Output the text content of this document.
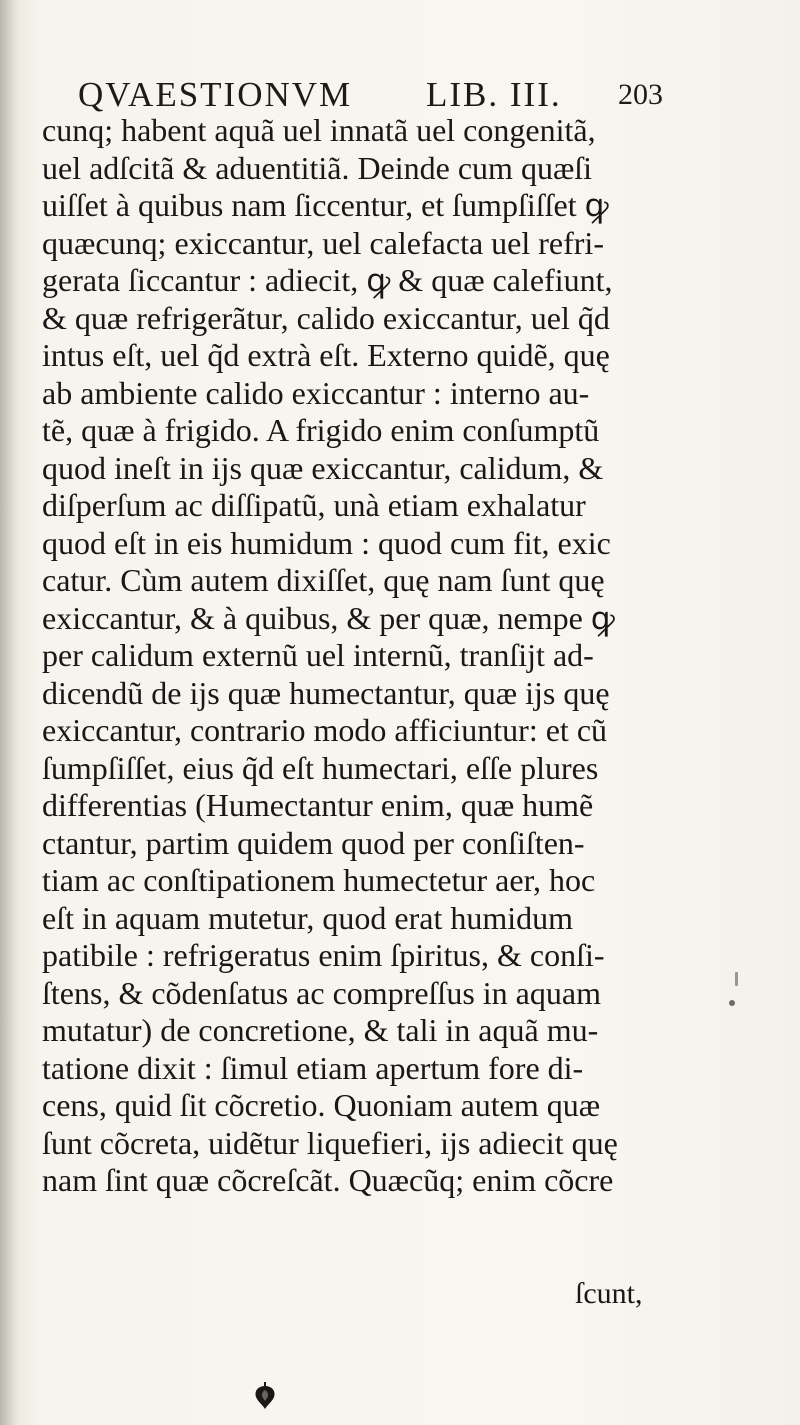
QVAESTIONVM LIB. III. 203
cunq; habent aquã uel innatã uel congenitã,
uel adſcitã & aduentitiã. Deinde cum quæſi
uiſſet à quibus nam ſiccentur, et ſumpſiſſet ꝙ
quæcunq; exiccantur, uel calefacta uel refri-
gerata ſiccantur : adiecit, ꝙ & quæ calefiunt,
& quæ refrigerãtur, calido exiccantur, uel q̃d
intus eſt, uel q̃d extrà eſt. Externo quidẽ, quę
ab ambiente calido exiccantur : interno au-
tẽ, quæ à frigido. A frigido enim conſumptũ
quod ineſt in ijs quæ exiccantur, calidum, &
diſperſum ac diſſipatũ, unà etiam exhalatur
quod eſt in eis humidum : quod cum fit, exic
catur. Cùm autem dixiſſet, quę nam ſunt quę
exiccantur, & à quibus, & per quæ, nempe ꝙ
per calidum externũ uel internũ, tranſijt ad-
dicendũ de ijs quæ humectantur, quæ ijs quę
exiccantur, contrario modo afficiuntur: et cũ
ſumpſiſſet, eius q̃d eſt humectari, eſſe plures
differentias (Humectantur enim, quæ humẽ
ctantur, partim quidem quod per conſiſten-
tiam ac conſtipationem humectetur aer, hoc
eſt in aquam mutetur, quod erat humidum
patibile : refrigeratus enim ſpiritus, & conſi-
ſtens, & cõdenſatus ac compreſſus in aquam
mutatur) de concretione, & tali in aquã mu-
tatione dixit : ſimul etiam apertum fore di-
cens, quid ſit cõcretio. Quoniam autem quæ
ſunt cõcreta, uidẽtur liquefieri, ijs adiecit quę
nam ſint quæ cõcreſcãt. Quæcũq; enim cõcre
ſcunt,
